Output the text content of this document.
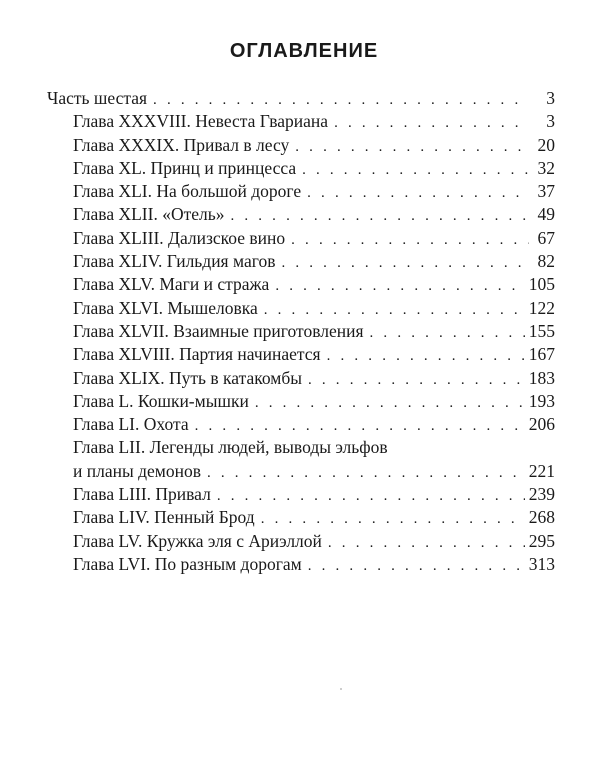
ОГЛАВЛЕНИЕ
Часть шестая . . .	3
Глава XXXVIII. Невеста Гвариана . . .	3
Глава XXXIX. Привал в лесу . . .	20
Глава XL. Принц и принцесса . . .	32
Глава XLI. На большой дороге . . .	37
Глава XLII. «Отель» . . .	49
Глава XLIII. Дализское вино . . .	67
Глава XLIV. Гильдия магов . . .	82
Глава XLV. Маги и стража . . .	105
Глава XLVI. Мышеловка . . .	122
Глава XLVII. Взаимные приготовления . . .	155
Глава XLVIII. Партия начинается . . .	167
Глава XLIX. Путь в катакомбы . . .	183
Глава L. Кошки-мышки . . .	193
Глава LI. Охота . . .	206
Глава LII. Легенды людей, выводы эльфов
и планы демонов . . .	221
Глава LIII. Привал . . .	239
Глава LIV. Пенный Брод . . .	268
Глава LV. Кружка эля с Ариэллой . . .	295
Глава LVI. По разным дорогам . . .	313
